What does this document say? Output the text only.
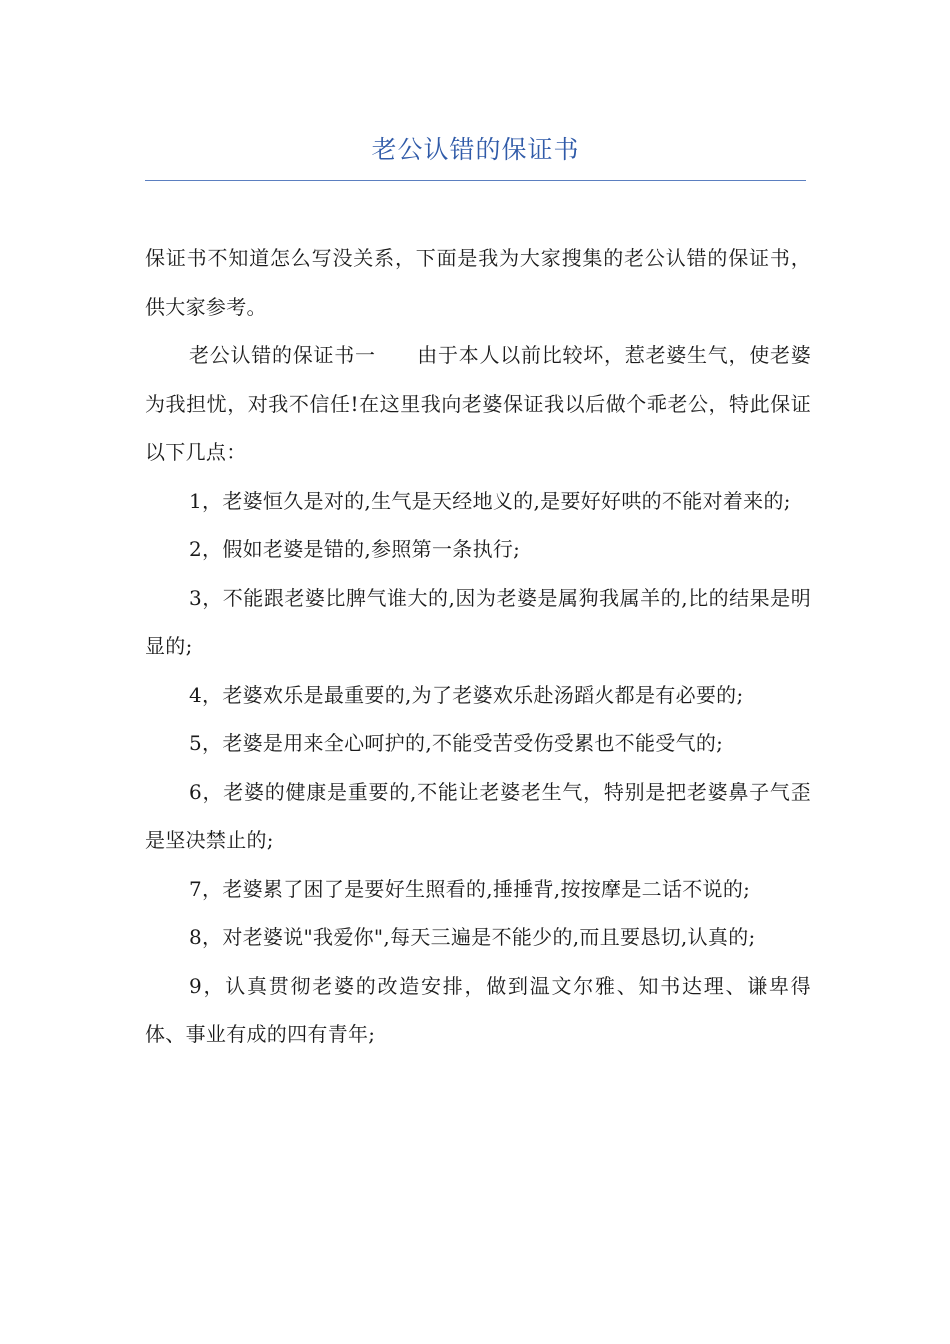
老公认错的保证书

保证书不知道怎么写没关系，下面是我为大家搜集的老公认错的保证书，供大家参考。

老公认错的保证书一　　由于本人以前比较坏，惹老婆生气，使老婆为我担忧，对我不信任!在这里我向老婆保证我以后做个乖老公，特此保证以下几点：

1，老婆恒久是对的,生气是天经地义的,是要好好哄的不能对着来的;

2，假如老婆是错的,参照第一条执行;

3，不能跟老婆比脾气谁大的,因为老婆是属狗我属羊的,比的结果是明显的;

4，老婆欢乐是最重要的,为了老婆欢乐赴汤蹈火都是有必要的;

5，老婆是用来全心呵护的,不能受苦受伤受累也不能受气的;

6，老婆的健康是重要的,不能让老婆老生气，特别是把老婆鼻子气歪是坚决禁止的;

7，老婆累了困了是要好生照看的,捶捶背,按按摩是二话不说的;

8，对老婆说"我爱你",每天三遍是不能少的,而且要恳切,认真的;

9，认真贯彻老婆的改造安排，做到温文尔雅、知书达理、谦卑得体、事业有成的四有青年;
